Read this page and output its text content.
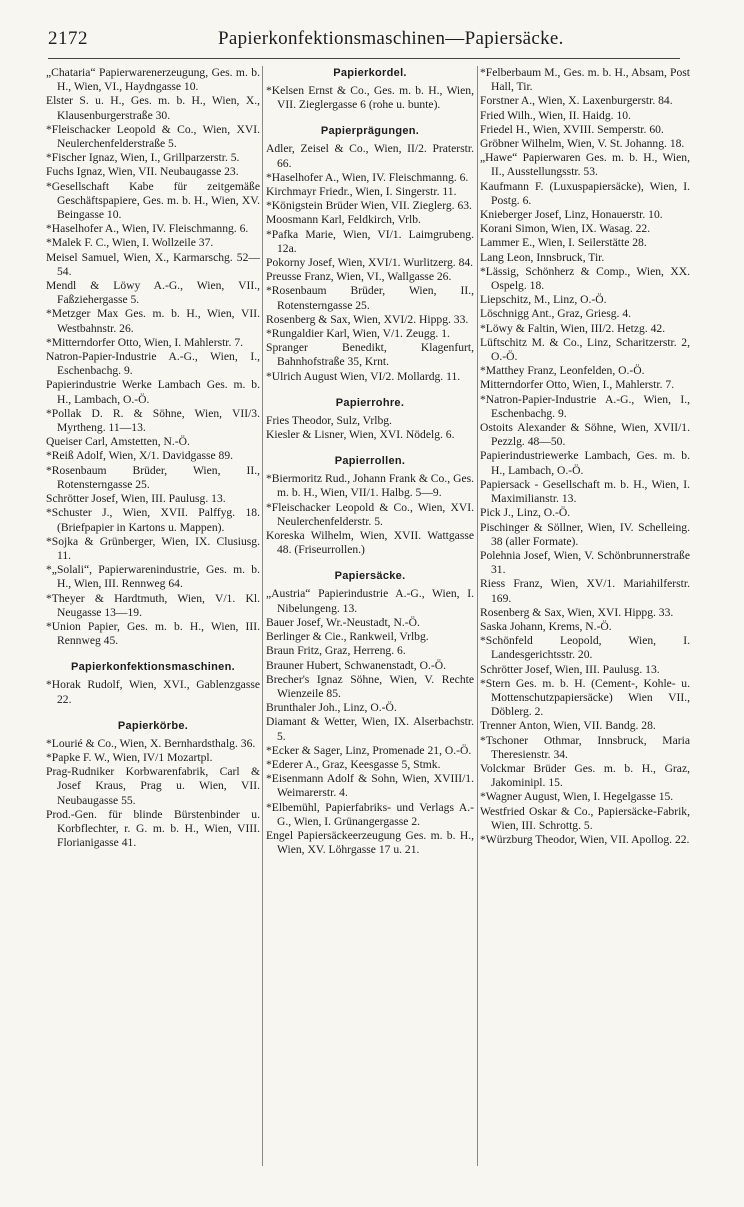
2172	Papierkonfektionsmaschinen—Papiersäcke.

„Chataria“ Papierwarenerzeugung, Ges. m. b. H., Wien, VI., Haydngasse 10.

Elster S. u. H., Ges. m. b. H., Wien, X., Klausenburgerstraße 30.

*Fleischacker Leopold & Co., Wien, XVI. Neulerchenfelderstraße 5.

*Fischer Ignaz, Wien, I., Grillparzerstr. 5.

Fuchs Ignaz, Wien, VII. Neubaugasse 23.

*Gesellschaft Kabe für zeitgemäße Geschäftspapiere, Ges. m. b. H., Wien, XV. Beingasse 10.

*Haselhofer A., Wien, IV. Fleischmanng. 6.

*Malek F. C., Wien, I. Wollzeile 37.

Meisel Samuel, Wien, X., Karmarschg. 52—54.

Mendl & Löwy A.-G., Wien, VII., Faßziehergasse 5.

*Metzger Max Ges. m. b. H., Wien, VII. Westbahnstr. 26.

*Mitterndorfer Otto, Wien, I. Mahlerstr. 7.

Natron-Papier-Industrie A.-G., Wien, I., Eschenbachg. 9.

Papierindustrie Werke Lambach Ges. m. b. H., Lambach, O.-Ö.

*Pollak D. R. & Söhne, Wien, VII/3. Myrtheng. 11—13.

Queiser Carl, Amstetten, N.-Ö.

*Reiß Adolf, Wien, X/1. Davidgasse 89.

*Rosenbaum Brüder, Wien, II., Rotensterngasse 25.

Schrötter Josef, Wien, III. Paulusg. 13.

*Schuster J., Wien, XVII. Palffyg. 18. (Briefpapier in Kartons u. Mappen).

*Sojka & Grünberger, Wien, IX. Clusiusg. 11.

*„Solali“, Papierwarenindustrie, Ges. m. b. H., Wien, III. Rennweg 64.

*Theyer & Hardtmuth, Wien, V/1. Kl. Neugasse 13—19.

*Union Papier, Ges. m. b. H., Wien, III. Rennweg 45.

Papierkonfektionsmaschinen.

*Horak Rudolf, Wien, XVI., Gablenzgasse 22.

Papierkörbe.

*Lourié & Co., Wien, X. Bernhardsthalg. 36.

*Papke F. W., Wien, IV/1 Mozartpl.

Prag-Rudniker Korbwarenfabrik, Carl & Josef Kraus, Prag u. Wien, VII. Neubaugasse 55.

Prod.-Gen. für blinde Bürstenbinder u. Korbflechter, r. G. m. b. H., Wien, VIII. Florianigasse 41.

Papierkordel.

*Kelsen Ernst & Co., Ges. m. b. H., Wien, VII. Zieglergasse 6 (rohe u. bunte).

Papierprägungen.

Adler, Zeisel & Co., Wien, II/2. Praterstr. 66.

*Haselhofer A., Wien, IV. Fleischmanng. 6.

Kirchmayr Friedr., Wien, I. Singerstr. 11.

*Königstein Brüder Wien, VII. Zieglerg. 63.

Moosmann Karl, Feldkirch, Vrlb.

*Pafka Marie, Wien, VI/1. Laimgrubeng. 12a.

Pokorny Josef, Wien, XVI/1. Wurlitzerg. 84.

Preusse Franz, Wien, VI., Wallgasse 26.

*Rosenbaum Brüder, Wien, II., Rotensterngasse 25.

Rosenberg & Sax, Wien, XVI/2. Hippg. 33.

*Rungaldier Karl, Wien, V/1. Zeugg. 1.

Spranger Benedikt, Klagenfurt, Bahnhofstraße 35, Krnt.

*Ulrich August Wien, VI/2. Mollardg. 11.

Papierrohre.

Fries Theodor, Sulz, Vrlbg.

Kiesler & Lisner, Wien, XVI. Nödelg. 6.

Papierrollen.

*Biermoritz Rud., Johann Frank & Co., Ges. m. b. H., Wien, VII/1. Halbg. 5—9.

*Fleischacker Leopold & Co., Wien, XVI. Neulerchenfelderstr. 5.

Koreska Wilhelm, Wien, XVII. Wattgasse 48. (Friseurrollen.)

Papiersäcke.

„Austria“ Papierindustrie A.-G., Wien, I. Nibelungeng. 13.

Bauer Josef, Wr.-Neustadt, N.-Ö.

Berlinger & Cie., Rankweil, Vrlbg.

Braun Fritz, Graz, Herreng. 6.

Brauner Hubert, Schwanenstadt, O.-Ö.

Brecher's Ignaz Söhne, Wien, V. Rechte Wienzeile 85.

Brunthaler Joh., Linz, O.-Ö.

Diamant & Wetter, Wien, IX. Alserbachstr. 5.

*Ecker & Sager, Linz, Promenade 21, O.-Ö.

*Ederer A., Graz, Keesgasse 5, Stmk.

*Eisenmann Adolf & Sohn, Wien, XVIII/1. Weimarerstr. 4.

*Elbemühl, Papierfabriks- und Verlags A.-G., Wien, I. Grünangergasse 2.

Engel Papiersäckeerzeugung Ges. m. b. H., Wien, XV. Löhrgasse 17 u. 21.

*Felberbaum M., Ges. m. b. H., Absam, Post Hall, Tir.

Forstner A., Wien, X. Laxenburgerstr. 84.

Fried Wilh., Wien, II. Haidg. 10.

Friedel H., Wien, XVIII. Semperstr. 60.

Gröbner Wilhelm, Wien, V. St. Johanng. 18.

„Hawe“ Papierwaren Ges. m. b. H., Wien, II., Ausstellungsstr. 53.

Kaufmann F. (Luxuspapiersäcke), Wien, I. Postg. 6.

Knieberger Josef, Linz, Honauerstr. 10.

Korani Simon, Wien, IX. Wasag. 22.

Lammer E., Wien, I. Seilerstätte 28.

Lang Leon, Innsbruck, Tir.

*Lässig, Schönherz & Comp., Wien, XX. Ospelg. 18.

Liepschitz, M., Linz, O.-Ö.

Löschnigg Ant., Graz, Griesg. 4.

*Löwy & Faltin, Wien, III/2. Hetzg. 42.

Lüftschitz M. & Co., Linz, Scharitzerstr. 2, O.-Ö.

*Matthey Franz, Leonfelden, O.-Ö.

Mitterndorfer Otto, Wien, I., Mahlerstr. 7.

*Natron-Papier-Industrie A.-G., Wien, I., Eschenbachg. 9.

Ostoits Alexander & Söhne, Wien, XVII/1. Pezzlg. 48—50.

Papierindustriewerke Lambach, Ges. m. b. H., Lambach, O.-Ö.

Papiersack - Gesellschaft m. b. H., Wien, I. Maximilianstr. 13.

Pick J., Linz, O.-Ö.

Pischinger & Söllner, Wien, IV. Schelleing. 38 (aller Formate).

Polehnia Josef, Wien, V. Schönbrunnerstraße 31.

Riess Franz, Wien, XV/1. Mariahilferstr. 169.

Rosenberg & Sax, Wien, XVI. Hippg. 33.

Saska Johann, Krems, N.-Ö.

*Schönfeld Leopold, Wien, I. Landesgerichtsstr. 20.

Schrötter Josef, Wien, III. Paulusg. 13.

*Stern Ges. m. b. H. (Cement-, Kohle- u. Mottenschutzpapiersäcke) Wien VII., Döblerg. 2.

Trenner Anton, Wien, VII. Bandg. 28.

*Tschoner Othmar, Innsbruck, Maria Theresienstr. 34.

Volckmar Brüder Ges. m. b. H., Graz, Jakominipl. 15.

*Wagner August, Wien, I. Hegelgasse 15.

Westfried Oskar & Co., Papiersäcke-Fabrik, Wien, III. Schrottg. 5.

*Würzburg Theodor, Wien, VII. Apollog. 22.
